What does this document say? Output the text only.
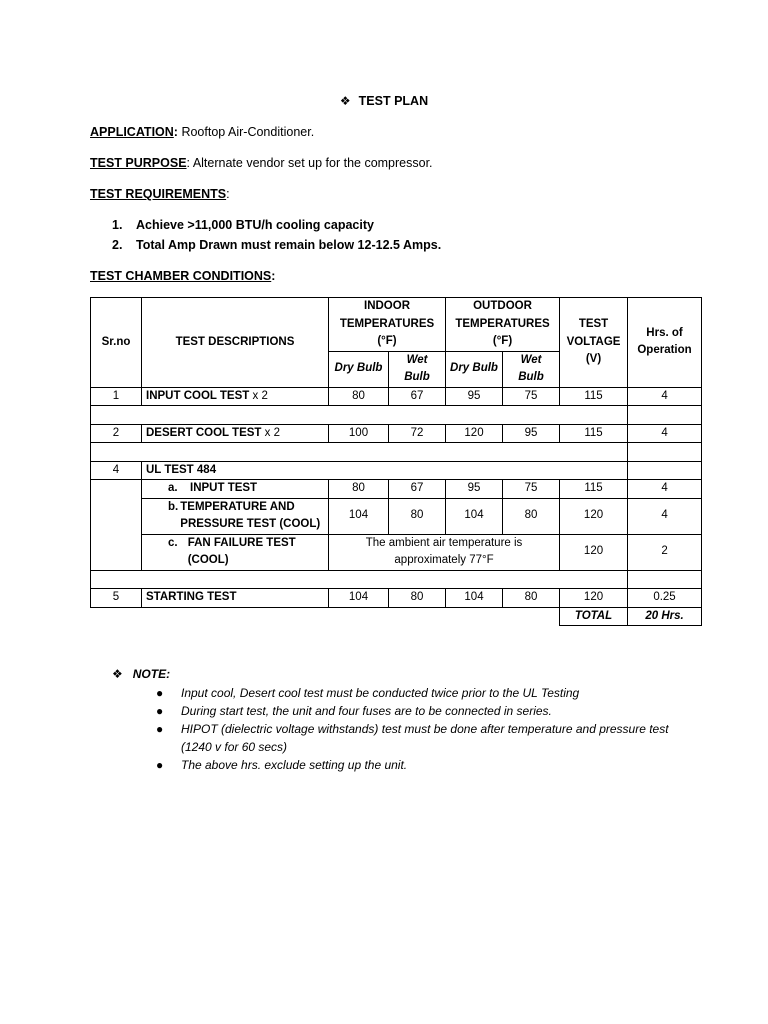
❖ TEST PLAN
APPLICATION: Rooftop Air-Conditioner.
TEST PURPOSE: Alternate vendor set up for the compressor.
TEST REQUIREMENTS:
1. Achieve >11,000 BTU/h cooling capacity
2. Total Amp Drawn must remain below 12-12.5 Amps.
TEST CHAMBER CONDITIONS:
Sr.no	TEST DESCRIPTIONS	INDOOR TEMPERATURES (°F)		OUTDOOR TEMPERATURES (°F)		TEST VOLTAGE (V)	Hrs. of Operation
		Dry Bulb	Wet Bulb	Dry Bulb	Wet Bulb		
1	INPUT COOL TEST x 2	80	67	95	75	115	4

2	DESERT COOL TEST x 2	100	72	120	95	115	4

4	UL TEST 484						

	a. INPUT TEST	80	67	95	75	115	4

	b. TEMPERATURE AND PRESSURE TEST (COOL)	104	80	104	80	120	4

	c. FAN FAILURE TEST (COOL)	The ambient air temperature is approximately 77°F				120	2

5	STARTING TEST	104	80	104	80	120	0.25
						TOTAL	20 Hrs.
❖ NOTE:
● Input cool, Desert cool test must be conducted twice prior to the UL Testing
● During start test, the unit and four fuses are to be connected in series.
● HIPOT (dielectric voltage withstands) test must be done after temperature and pressure test (1240 v for 60 secs)
● The above hrs. exclude setting up the unit.
